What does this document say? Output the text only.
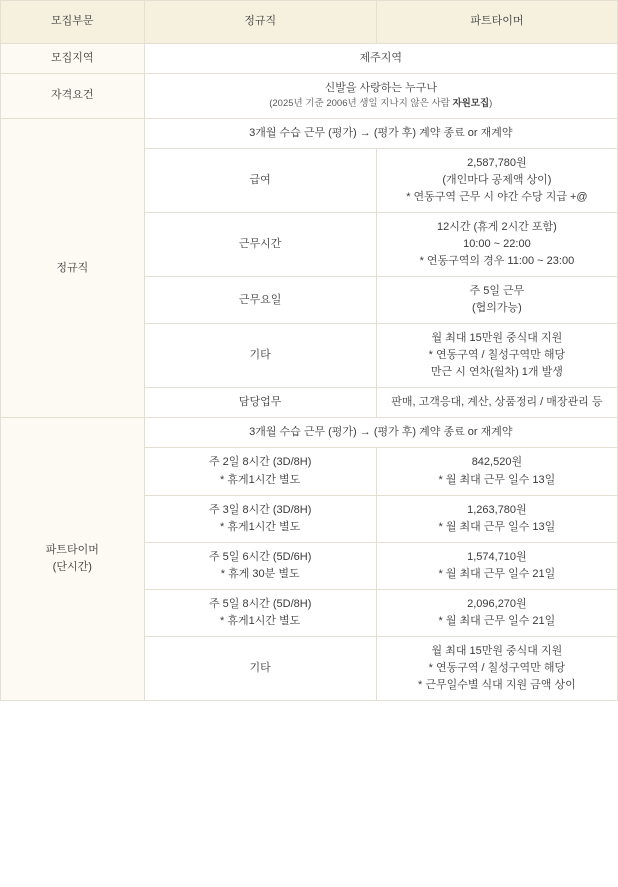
모집부문	정규직	파트타이머
모집지역	제주지역	
자격요건	신발을 사랑하는 누구나
(2025년 기준 2006년 생일 지나지 않은 사람 자원모집)	

정규직	3개월 수습 근무 (평가) → (평가 후) 계약 종료 or 재계약	
	급여	2,587,780원
(개인마다 공제액 상이)
* 연동구역 근무 시 야간 수당 지급 +@

	근무시간	12시간 (휴게 2시간 포함)
10:00 ~ 22:00
* 연동구역의 경우 11:00 ~ 23:00

	근무요일	주 5일 근무
(협의가능)

	기타	월 최대 15만원 중식대 지원
* 연동구역 / 칠성구역만 해당
만근 시 연차(월차) 1개 발생

	담당업무	판매, 고객응대, 계산, 상품정리 / 매장관리 등

파트타이머
(단시간)	3개월 수습 근무 (평가) → (평가 후) 계약 종료 or 재계약	

	주 2일 8시간 (3D/8H)
* 휴게1시간 별도	842,520원
* 월 최대 근무 일수 13일

	주 3일 8시간 (3D/8H)
* 휴게1시간 별도	1,263,780원
* 월 최대 근무 일수 13일

	주 5일 6시간 (5D/6H)
* 휴게 30분 별도	1,574,710원
* 월 최대 근무 일수 21일

	주 5일 8시간 (5D/8H)
* 휴게1시간 별도	2,096,270원
* 월 최대 근무 일수 21일

	기타	월 최대 15만원 중식대 지원
* 연동구역 / 칠성구역만 해당
* 근무일수별 식대 지원 금액 상이
